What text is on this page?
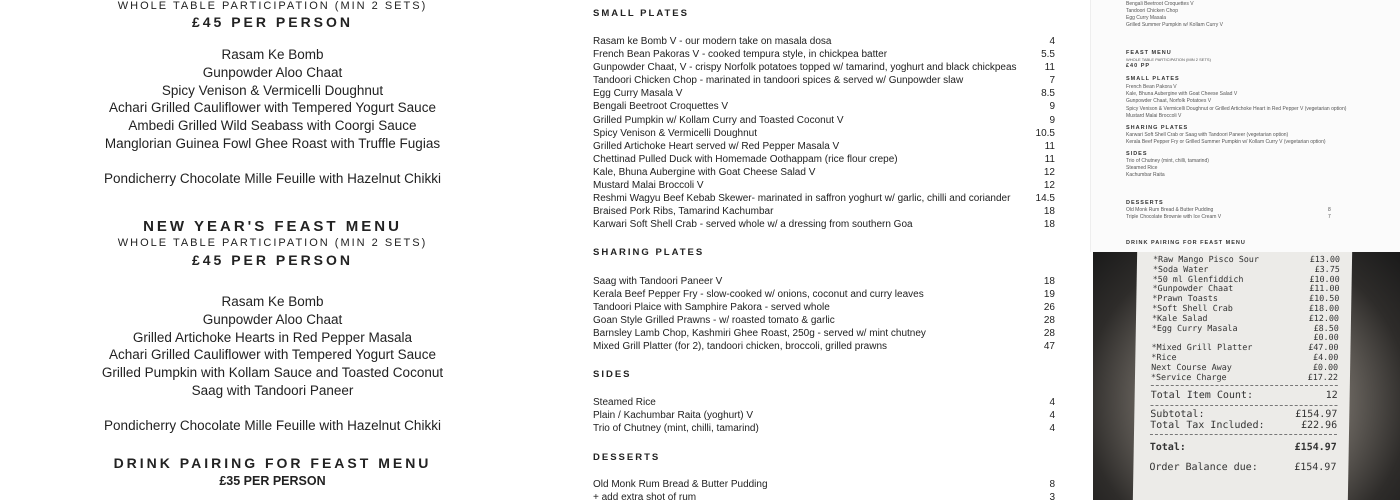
WHOLE TABLE PARTICIPATION (MIN 2 SETS)
£45 PER PERSON
Rasam Ke Bomb
Gunpowder Aloo Chaat
Spicy Venison & Vermicelli Doughnut
Achari Grilled Cauliflower with Tempered Yogurt Sauce
Ambedi Grilled Wild Seabass with Coorgi Sauce
Manglorian Guinea Fowl Ghee Roast with Truffle Fugias
Pondicherry Chocolate Mille Feuille with Hazelnut Chikki
NEW YEAR'S FEAST MENU
WHOLE TABLE PARTICIPATION (MIN 2 SETS)
£45 PER PERSON
Rasam Ke Bomb
Gunpowder Aloo Chaat
Grilled Artichoke Hearts in Red Pepper Masala
Achari Grilled Cauliflower with Tempered Yogurt Sauce
Grilled Pumpkin with Kollam Sauce and Toasted Coconut
Saag with Tandoori Paneer
Pondicherry Chocolate Mille Feuille with Hazelnut Chikki
DRINK PAIRING FOR FEAST MENU
£35 PER PERSON
SMALL PLATES
Rasam ke Bomb V - our modern take on masala dosa	4
French Bean Pakoras V - cooked tempura style, in chickpea batter	5.5
Gunpowder Chaat, V - crispy Norfolk potatoes topped w/ tamarind, yoghurt and black chickpeas	11
Tandoori Chicken Chop - marinated in tandoori spices & served w/ Gunpowder slaw	7
Egg Curry Masala V	8.5
Bengali Beetroot Croquettes V	9
Grilled Pumpkin w/ Kollam Curry and Toasted Coconut V	9
Spicy Venison & Vermicelli Doughnut	10.5
Grilled Artichoke Heart served w/ Red Pepper Masala V	11
Chettinad Pulled Duck with Homemade Oothappam (rice flour crepe)	11
Kale, Bhuna Aubergine with Goat Cheese Salad V	12
Mustard Malai Broccoli V	12
Reshmi Wagyu Beef Kebab Skewer- marinated in saffron yoghurt w/ garlic, chilli and coriander	14.5
Braised Pork Ribs, Tamarind Kachumbar	18
Karwari Soft Shell Crab - served whole w/ a dressing from southern Goa	18
SHARING PLATES
Saag with Tandoori Paneer V	18
Kerala Beef Pepper Fry - slow-cooked w/ onions, coconut and curry leaves	19
Tandoori Plaice with Samphire Pakora - served whole	26
Goan Style Grilled Prawns - w/ roasted tomato & garlic	28
Barnsley Lamb Chop, Kashmiri Ghee Roast, 250g - served w/ mint chutney	28
Mixed Grill Platter (for 2), tandoori chicken, broccoli, grilled prawns	47
SIDES
Steamed Rice	4
Plain / Kachumbar Raita (yoghurt) V	4
Trio of Chutney (mint, chilli, tamarind)	4
DESSERTS
Old Monk Rum Bread & Butter Pudding	8
+ add extra shot of rum	3
Bengali Beetroot Croquettes V
Tandoori Chicken Chop
Egg Curry Masala
Grilled Summer Pumpkin w/ Kollam Curry V
FEAST MENU
WHOLE TABLE PARTICIPATION (MIN 2 SETS)
£40 PP
SMALL PLATES
French Bean Pakora V
Kale, Bhuna Aubergine with Goat Cheese Salad V
Gunpowder Chaat, Norfolk Potatoes V
Spicy Venison & Vermicelli Doughnut or Grilled Artichoke Heart in Red Pepper V (vegetarian option)
Mustard Malai Broccoli V
SHARING PLATES
Karwari Soft Shell Crab or Saag with Tandoori Paneer (vegetarian option)
Kerala Beef Pepper Fry or Grilled Summer Pumpkin w/ Kollam Curry V (vegetarian option)
SIDES
Trio of Chutney (mint, chilli, tamarind)
Steamed Rice
Kachumbar Raita
DESSERTS
Old Monk Rum Bread & Butter Pudding	8
Triple Chocolate Brownie with Ice Cream V	7
DRINK PAIRING FOR FEAST MENU
*Raw Mango Pisco Sour	£13.00
*Soda Water	£3.75
*50 ml Glenfiddich	£10.00
*Gunpowder Chaat	£11.00
*Prawn Toasts	£10.50
*Soft Shell Crab	£18.00
*Kale Salad	£12.00
*Egg Curry Masala	£8.50
£0.00
*Mixed Grill Platter	£47.00
*Rice	£4.00
Next Course Away	£0.00
*Service Charge	£17.22
Total Item Count:	12
Subtotal:	£154.97
Total Tax Included:	£22.96
Total:	£154.97
Order Balance due:	£154.97
